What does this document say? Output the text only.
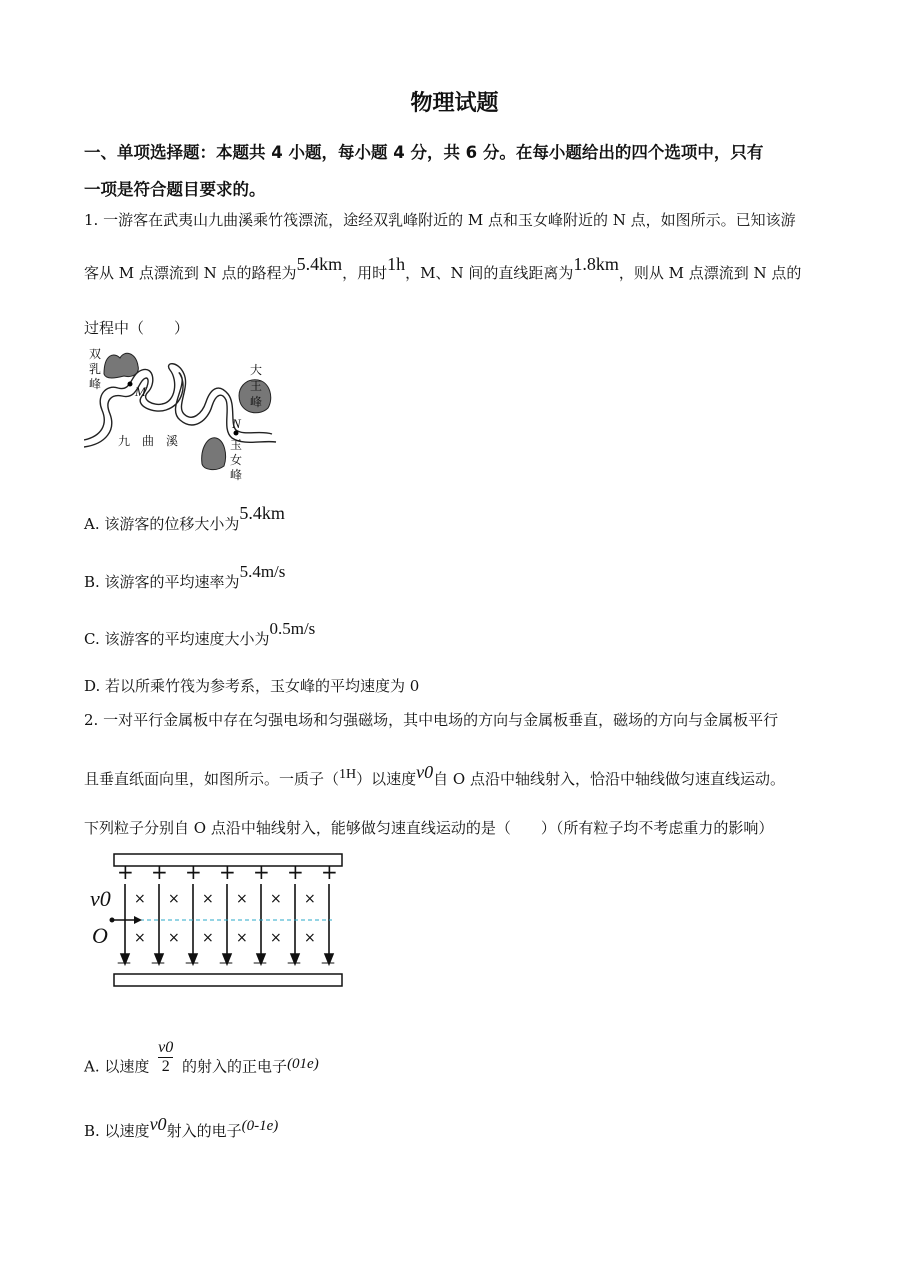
物理试题
一、单项选择题：本题共 4 小题，每小题 4 分，共 6 分。在每小题给出的四个选项中，只有
一项是符合题目要求的。
1. 一游客在武夷山九曲溪乘竹筏漂流，途经双乳峰附近的 M 点和玉女峰附近的 N 点，如图所示。已知该游
客从 M 点漂流到 N 点的路程为5.4km，用时1h，M、N 间的直线距离为1.8km，则从 M 点漂流到 N 点的
过程中（　　）
双
乳
峰
大
王
峰
玉
女
峰
九　曲　溪
M
N
A. 该游客的位移大小为5.4km
B. 该游客的平均速率为5.4m/s
C. 该游客的平均速度大小为0.5m/s
D. 若以所乘竹筏为参考系，玉女峰的平均速度为 0
2. 一对平行金属板中存在匀强电场和匀强磁场，其中电场的方向与金属板垂直，磁场的方向与金属板平行
且垂直纸面向里，如图所示。一质子（1H）以速度v0自 O 点沿中轴线射入，恰沿中轴线做匀速直线运动。
下列粒子分别自 O 点沿中轴线射入，能够做匀速直线运动的是（　　）（所有粒子均不考虑重力的影响）
+ + + + + + +
— — — — — — —
× × × × × ×
× × × × × ×
v0
O
A. 以速度 $\frac{v0}{2}$ 的射入的正电子(01e)
B. 以速度v0射入的电子(0-1e)
